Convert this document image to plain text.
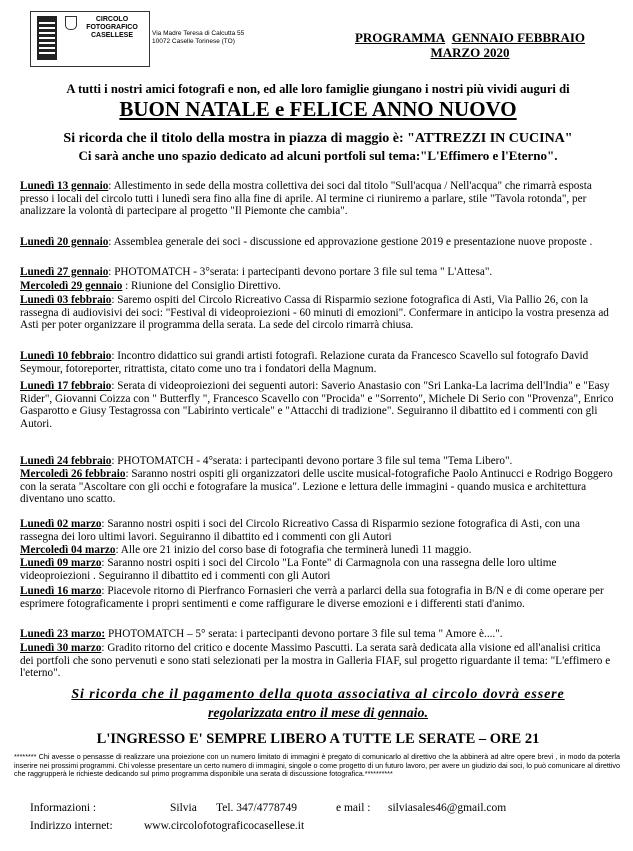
CIRCOLO
FOTOGRAFICO
CASELLESE	Via Madre Teresa di Calcutta 55
10072 Caselle Torinese (TO)	PROGRAMMA GENNAIO FEBBRAIO
MARZO 2020
A tutti i nostri amici fotografi e non, ed alle loro famiglie giungano i nostri più vividi auguri di
BUON NATALE e FELICE ANNO NUOVO
Si ricorda che il titolo della mostra in piazza di maggio è: "ATTREZZI IN CUCINA"
Ci sarà anche uno spazio dedicato ad alcuni portfoli sul tema:"L'Effimero e l'Eterno".
Lunedì 13 gennaio: Allestimento in sede della mostra collettiva dei soci dal titolo "Sull'acqua / Nell'acqua" che rimarrà esposta presso i locali del circolo tutti i lunedì sera fino alla fine di aprile. Al termine ci riuniremo a parlare, stile "Tavola rotonda", per analizzare la volontà di partecipare al progetto "Il Piemonte che cambia".
Lunedì 20 gennaio: Assemblea generale dei soci - discussione ed approvazione gestione 2019 e presentazione nuove proposte .
Lunedì 27 gennaio: PHOTOMATCH - 3°serata: i partecipanti devono portare 3 file sul tema " L'Attesa".
Mercoledì 29 gennaio : Riunione del Consiglio Direttivo.
Lunedì 03 febbraio: Saremo ospiti del Circolo Ricreativo Cassa di Risparmio sezione fotografica di Asti, Via Pallio 26, con la rassegna di audiovisivi dei soci: "Festival di videoproiezioni - 60 minuti di emozioni". Confermare in anticipo la vostra presenza ad Asti per poter organizzare il programma della serata. La sede del circolo rimarrà chiusa.
Lunedì 10 febbraio: Incontro didattico sui grandi artisti fotografi. Relazione curata da Francesco Scavello sul fotografo David Seymour, fotoreporter, ritrattista, citato come uno tra i fondatori della Magnum.
Lunedì 17 febbraio: Serata di videoproiezioni dei seguenti autori: Saverio Anastasio con "Sri Lanka-La lacrima dell'India" e "Easy Rider", Giovanni Coizza con " Butterfly ", Francesco Scavello con "Procida" e "Sorrento", Michele Di Serio con "Provenza", Enrico Gasparotto e Giusy Testagrossa con "Labirinto verticale" e "Attacchi di tradizione". Seguiranno il dibattito ed i commenti con gli Autori.
Lunedì 24 febbraio: PHOTOMATCH - 4°serata: i partecipanti devono portare 3 file sul tema "Tema Libero".
Mercoledì 26 febbraio: Saranno nostri ospiti gli organizzatori delle uscite musical-fotografiche Paolo Antinucci e Rodrigo Boggero con la serata "Ascoltare con gli occhi e fotografare la musica". Lezione e lettura delle immagini - quando musica e architettura diventano uno scatto.
Lunedì 02 marzo: Saranno nostri ospiti i soci del Circolo Ricreativo Cassa di Risparmio sezione fotografica di Asti, con una rassegna dei loro ultimi lavori. Seguiranno il dibattito ed i commenti con gli Autori
Mercoledì 04 marzo: Alle ore 21 inizio del corso base di fotografia che terminerà lunedì 11 maggio.
Lunedì 09 marzo: Saranno nostri ospiti i soci del Circolo "La Fonte" di Carmagnola con una rassegna delle loro ultime videoproiezioni . Seguiranno il dibattito ed i commenti con gli Autori
Lunedì 16 marzo: Piacevole ritorno di Pierfranco Fornasieri che verrà a parlarci della sua fotografia in B/N e di come operare per esprimere fotograficamente i propri sentimenti e come raffigurare le diverse emozioni e i differenti stati d'animo.
Lunedì 23 marzo: PHOTOMATCH – 5° serata: i partecipanti devono portare 3 file sul tema " Amore è....".
Lunedì 30 marzo: Gradito ritorno del critico e docente Massimo Pascutti. La serata sarà dedicata alla visione ed all'analisi critica dei portfoli che sono pervenuti e sono stati selezionati per la mostra in Galleria FIAF, sul progetto riguardante il tema: "L'effimero e l'eterno".
Si ricorda che il pagamento della quota associativa al circolo dovrà essere
regolarizzata entro il mese di gennaio.
L'INGRESSO E' SEMPRE LIBERO A TUTTE LE SERATE – ORE 21
******** Chi avesse o pensasse di realizzare una proiezione con un numero limitato di immagini è pregato di comunicarlo al direttivo che la abbinerà ad altre opere brevi , in modo da poterla inserire nei prossimi programmi. Chi volesse presentare un certo numero di immagini, singole o come progetto di un futuro lavoro, per avere un giudizio dai soci, lo può comunicare al direttivo che raggrupperà le richieste dedicando sul primo programma disponibile una serata di discussione fotografica.**********
Informazioni :	Silvia Tel. 347/4778749	e mail : silviasales46@gmail.com
Indirizzo internet:	www.circolofotograficocasellese.it
